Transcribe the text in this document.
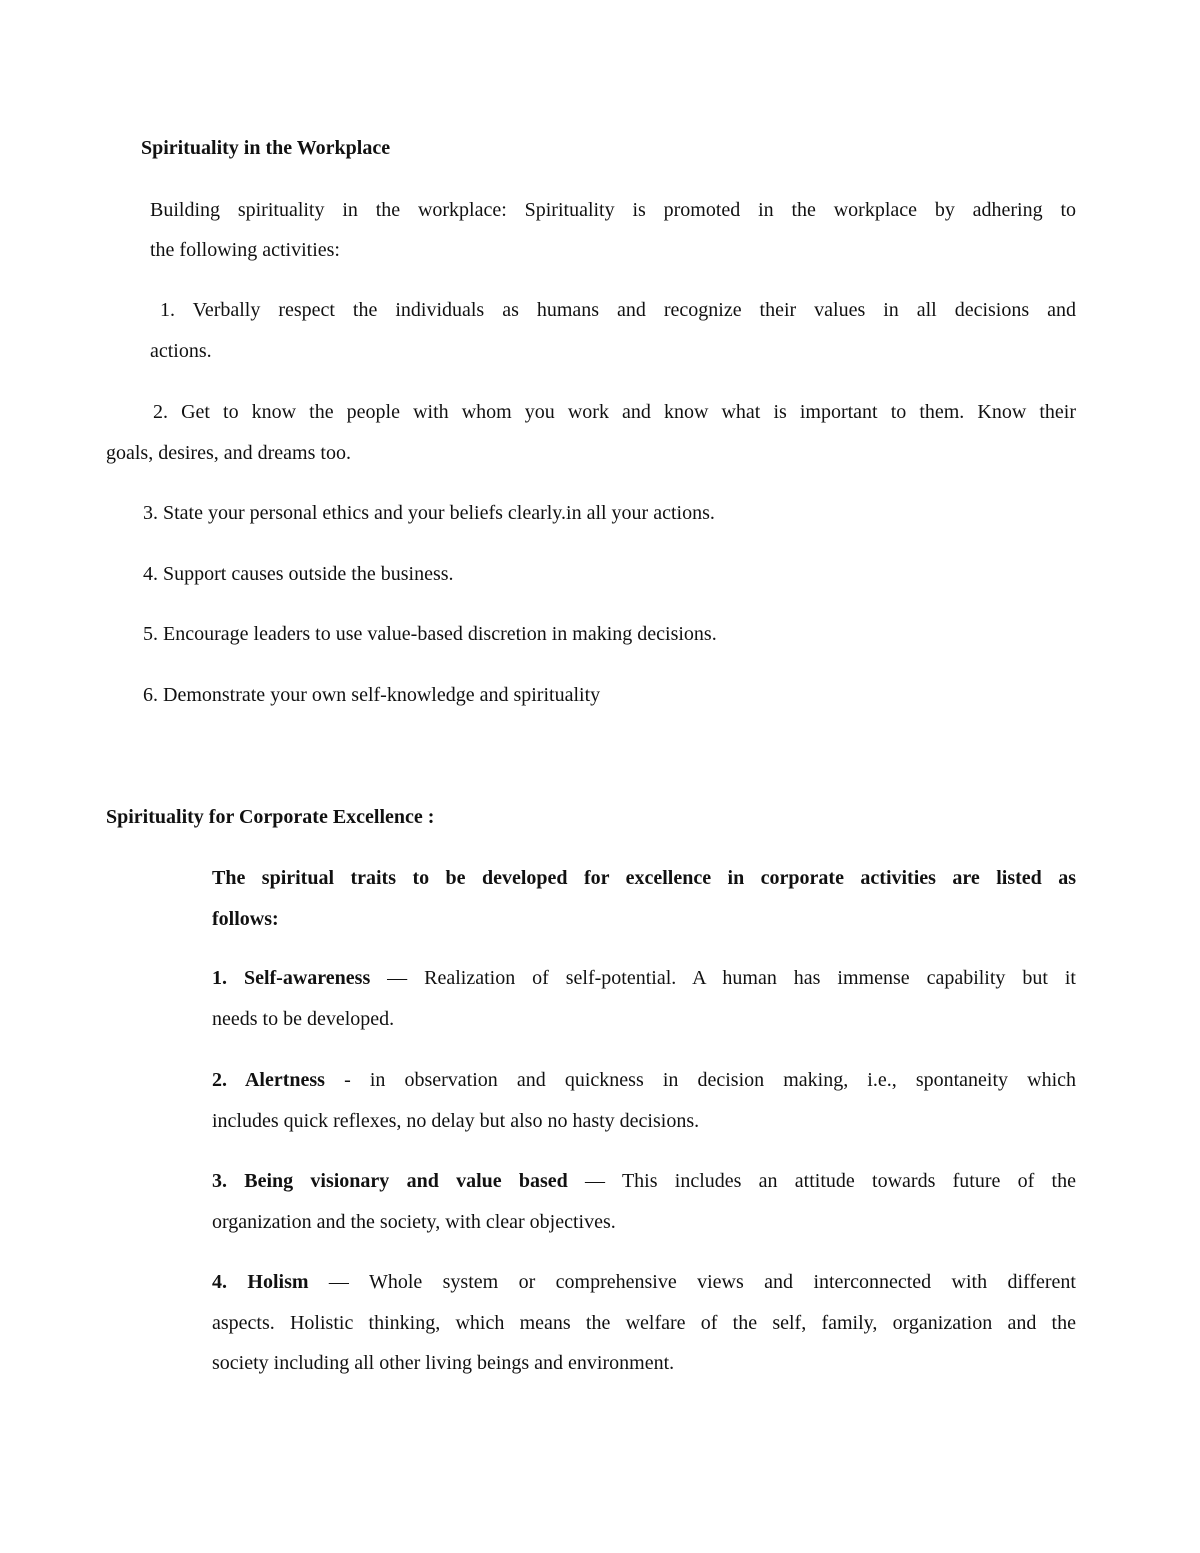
Spirituality in the Workplace
Building spirituality in the workplace: Spirituality is promoted in the workplace by adhering to
the following activities:
1. Verbally respect the individuals as humans and recognize their values in all decisions and
actions.
2. Get to know the people with whom you work and know what is important to them. Know their
goals, desires, and dreams too.
3. State your personal ethics and your beliefs clearly.in all your actions.
4. Support causes outside the business.
5. Encourage leaders to use value-based discretion in making decisions.
6. Demonstrate your own self-knowledge and spirituality
Spirituality for Corporate Excellence :
The spiritual traits to be developed for excellence in corporate activities are listed as
follows:
1. Self-awareness — Realization of self-potential. A human has immense capability but it
needs to be developed.
2. Alertness - in observation and quickness in decision making, i.e., spontaneity which
includes quick reflexes, no delay but also no hasty decisions.
3. Being visionary and value based — This includes an attitude towards future of the
organization and the society, with clear objectives.
4. Holism — Whole system or comprehensive views and interconnected with different
aspects. Holistic thinking, which means the welfare of the self, family, organization and the
society including all other living beings and environment.
